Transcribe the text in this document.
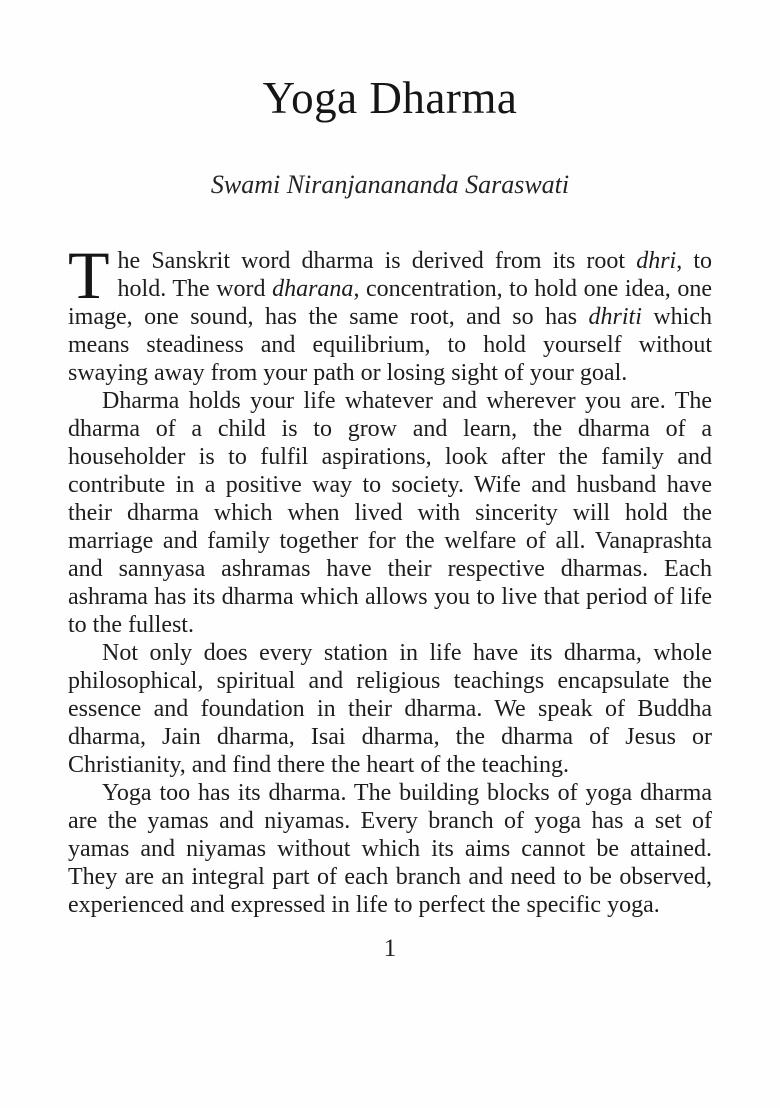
Yoga Dharma
Swami Niranjanananda Saraswati

The Sanskrit word dharma is derived from its root dhri, to hold. The word dharana, concentration, to hold one idea, one image, one sound, has the same root, and so has dhriti which means steadiness and equilibrium, to hold yourself without swaying away from your path or losing sight of your goal.

Dharma holds your life whatever and wherever you are. The dharma of a child is to grow and learn, the dharma of a householder is to fulfil aspirations, look after the family and contribute in a positive way to society. Wife and husband have their dharma which when lived with sincerity will hold the marriage and family together for the welfare of all. Vanaprashta and sannyasa ashramas have their respective dharmas. Each ashrama has its dharma which allows you to live that period of life to the fullest.

Not only does every station in life have its dharma, whole philosophical, spiritual and religious teachings encapsulate the essence and foundation in their dharma. We speak of Buddha dharma, Jain dharma, Isai dharma, the dharma of Jesus or Christianity, and find there the heart of the teaching.

Yoga too has its dharma. The building blocks of yoga dharma are the yamas and niyamas. Every branch of yoga has a set of yamas and niyamas without which its aims cannot be attained. They are an integral part of each branch and need to be observed, experienced and expressed in life to perfect the specific yoga.

1
